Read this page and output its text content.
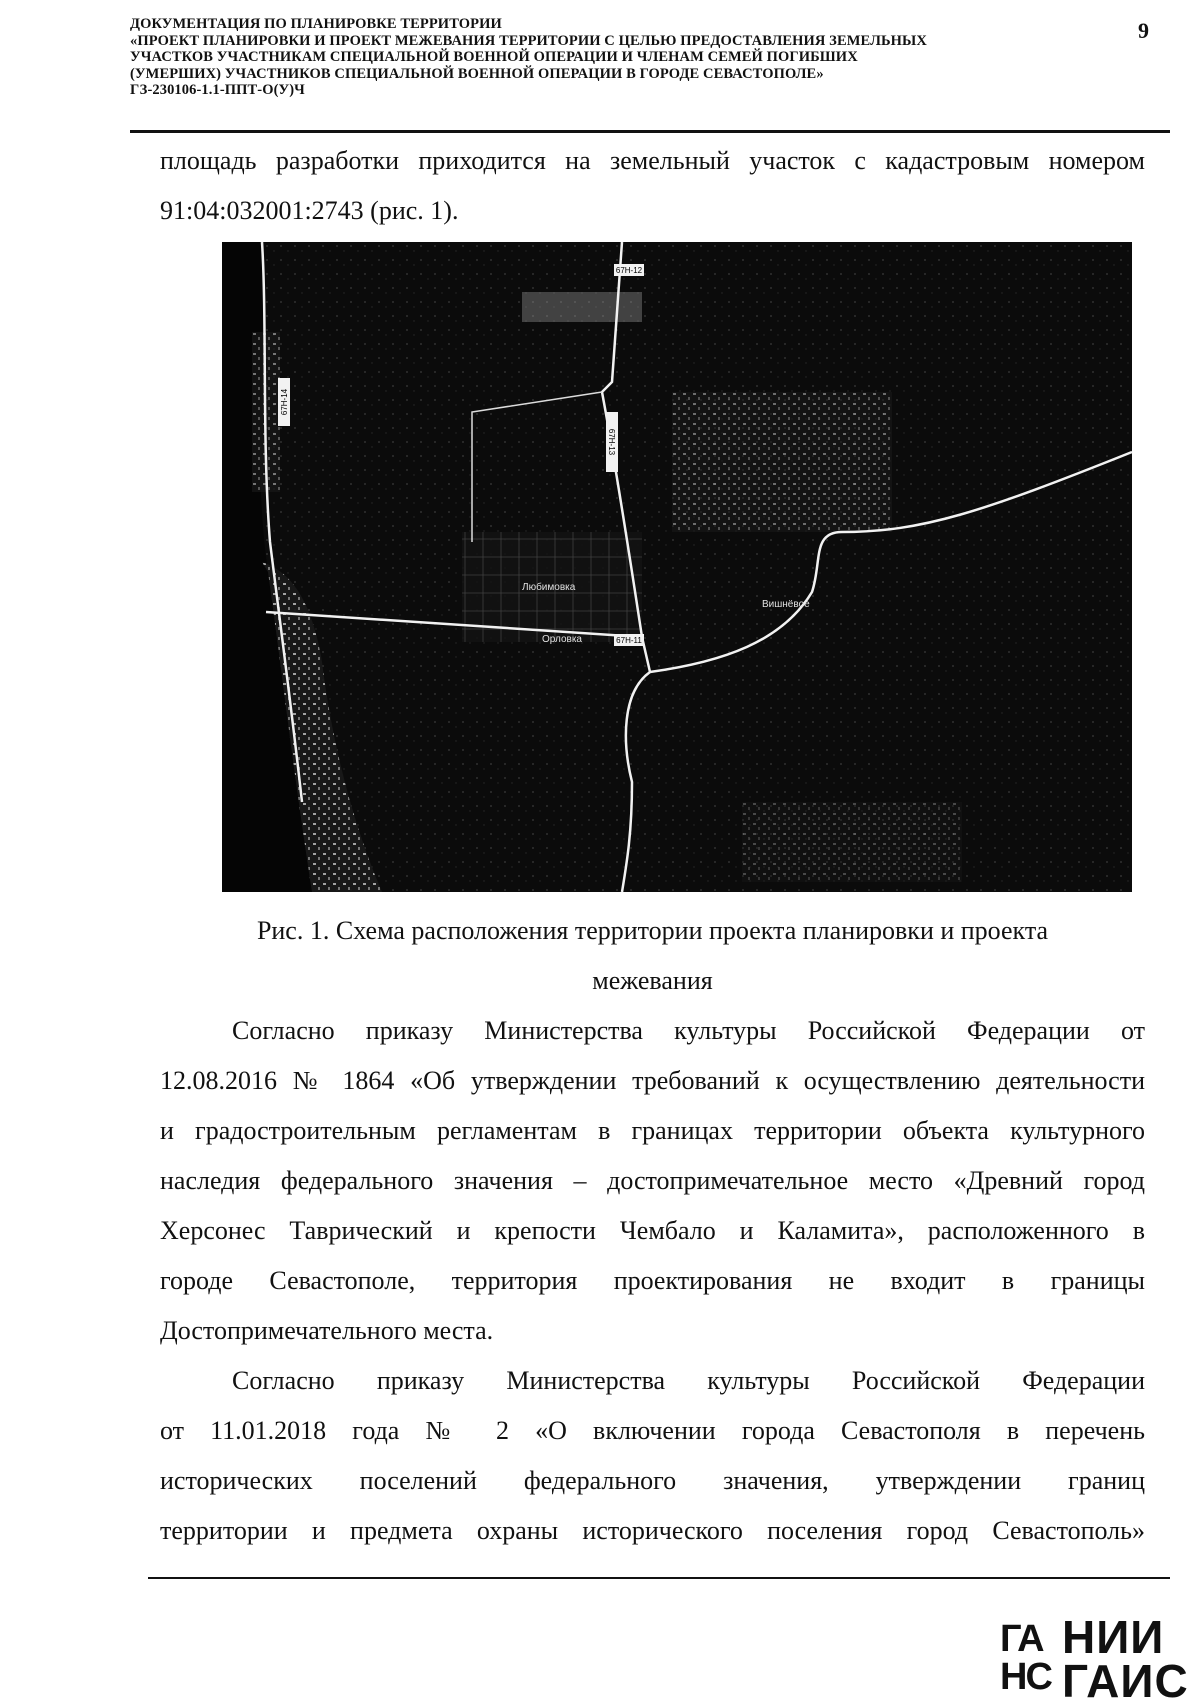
ДОКУМЕНТАЦИЯ ПО ПЛАНИРОВКЕ ТЕРРИТОРИИ
«ПРОЕКТ ПЛАНИРОВКИ И ПРОЕКТ МЕЖЕВАНИЯ ТЕРРИТОРИИ С ЦЕЛЬЮ ПРЕДОСТАВЛЕНИЯ ЗЕМЕЛЬНЫХ
УЧАСТКОВ УЧАСТНИКАМ СПЕЦИАЛЬНОЙ ВОЕННОЙ ОПЕРАЦИИ И ЧЛЕНАМ СЕМЕЙ ПОГИБШИХ
(УМЕРШИХ) УЧАСТНИКОВ СПЕЦИАЛЬНОЙ ВОЕННОЙ ОПЕРАЦИИ В ГОРОДЕ СЕВАСТОПОЛЕ»
ГЗ-230106-1.1-ППТ-О(У)Ч
9
площадь разработки приходится на земельный участок с кадастровым номером
91:04:032001:2743 (рис. 1).
67Н-12
67Н-13
67Н-14
67Н-11
Любимовка
Орловка
Вишнёвое
Рис. 1. Схема расположения территории проекта планировки и проекта
межевания
Согласно приказу Министерства культуры Российской Федерации от
12.08.2016 № 1864 «Об утверждении требований к осуществлению деятельности
и градостроительным регламентам в границах территории объекта культурного
наследия федерального значения – достопримечательное место «Древний город
Херсонес Таврический и крепости Чембало и Каламита», расположенного в
городе Севастополе, территория проектирования не входит в границы
Достопримечательного места.
Согласно приказу Министерства культуры Российской Федерации
от 11.01.2018 года № 2 «О включении города Севастополя в перечень
исторических поселений федерального значения, утверждении границ
территории и предмета охраны исторического поселения город Севастополь»
ГА
НС
НИИ
ГАИС
